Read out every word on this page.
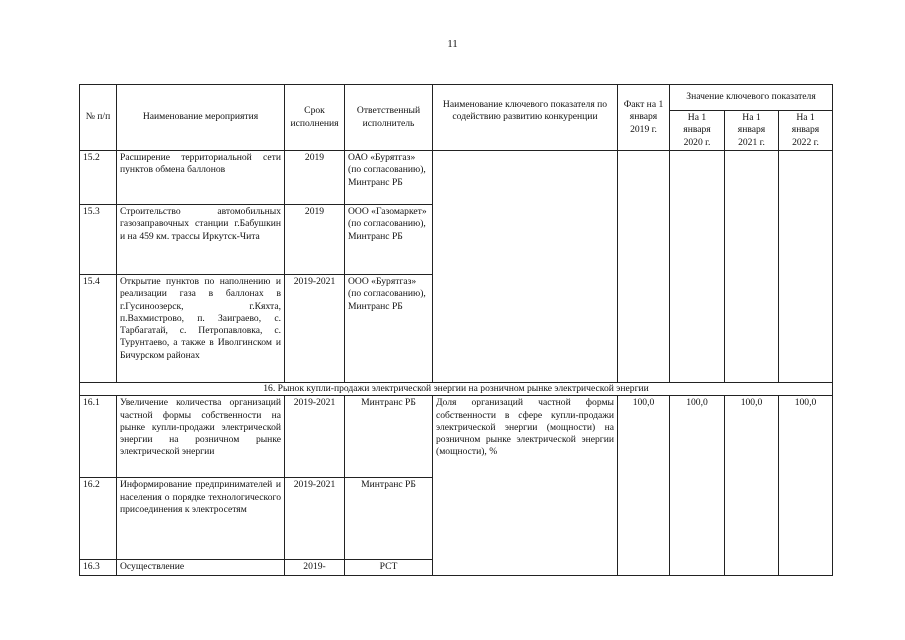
11
№ п/п	Наименование мероприятия	Срок исполнения	Ответственный исполнитель	Наименование ключевого показателя по содействию развитию конкуренции	Факт на 1 января 2019 г.	Значение ключевого показателя		
						На 1 января 2020 г.	На 1 января 2021 г.	На 1 января 2022 г.
15.2	Расширение территориальной сети пунктов обмена баллонов	2019	ОАО «Бурятгаз» (по согласованию), Минтранс РБ					
15.3	Строительство автомобильных газозаправочных станции г.Бабушкин и на 459 км. трассы Иркутск-Чита	2019	ООО «Газомаркет» (по согласованию), Минтранс РБ					
15.4	Открытие пунктов по наполнению и реализации газа в баллонах в г.Гусиноозерск, г.Кяхта, п.Вахмистрово, п. Заиграево, с. Тарбагатай, с. Петропавловка, с. Турунтаево, а также в Иволгинском и Бичурском районах	2019-2021	ООО «Бурятгаз» (по согласованию), Минтранс РБ					
16. Рынок купли-продажи электрической энергии на розничном рынке электрической энергии								
16.1	Увеличение количества организаций частной формы собственности на рынке купли-продажи электрической энергии на розничном рынке электрической энергии	2019-2021	Минтранс РБ	Доля организаций частной формы собственности в сфере купли-продажи электрической энергии (мощности) на розничном рынке электрической энергии (мощности), %	100,0	100,0	100,0	100,0
16.2	Информирование предпринимателей и населения о порядке технологического присоединения к электросетям	2019-2021	Минтранс РБ					
16.3	Осуществление	2019-	РСТ					
